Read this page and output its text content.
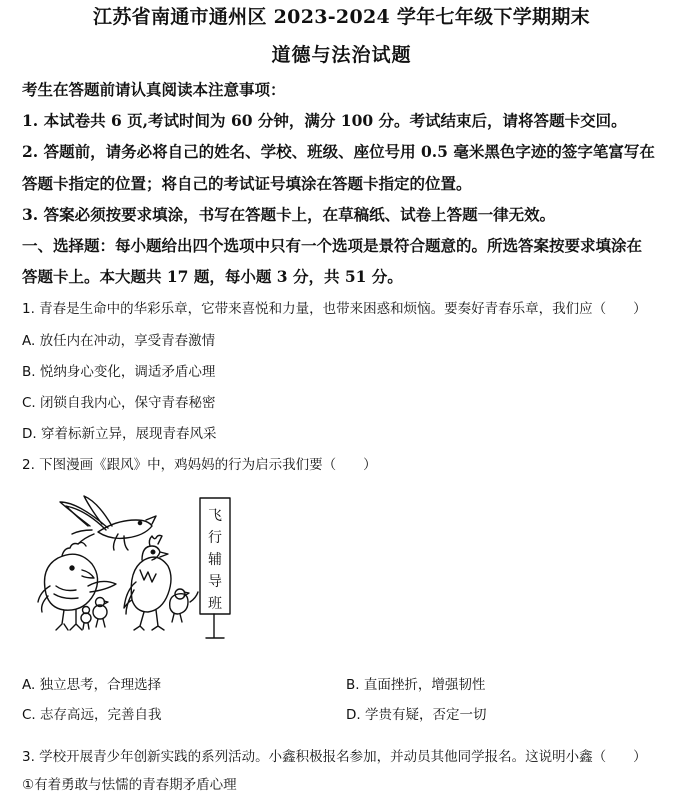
江苏省南通市通州区 2023-2024 学年七年级下学期期末
道德与法治试题
考生在答题前请认真阅读本注意事项：
1. 本试卷共 6 页,考试时间为 60 分钟，满分 100 分。考试结束后，请将答题卡交回。
2. 答题前，请务必将自己的姓名、学校、班级、座位号用 0.5 毫米黑色字迹的签字笔富写在
答题卡指定的位置；将自己的考试证号填涂在答题卡指定的位置。
3. 答案必须按要求填涂，书写在答题卡上，在草稿纸、试卷上答题一律无效。
一、选择题：每小题给出四个选项中只有一个选项是景符合题意的。所选答案按要求填涂在
答题卡上。本大题共 17 题，每小题 3 分，共 51 分。
1. 青春是生命中的华彩乐章，它带来喜悦和力量，也带来困惑和烦恼。要奏好青春乐章，我们应（　　）
A. 放任内在冲动，享受青春激情
B. 悦纳身心变化，调适矛盾心理
C. 闭锁自我内心，保守青春秘密
D. 穿着标新立异，展现青春风采
2. 下图漫画《跟风》中，鸡妈妈的行为启示我们要（　　）
飞
行
辅
导
班
A. 独立思考，合理选择	B. 直面挫折，增强韧性
C. 志存高远，完善自我	D. 学贵有疑，否定一切
3. 学校开展青少年创新实践的系列活动。小鑫积极报名参加，并动员其他同学报名。这说明小鑫（　　）
①有着勇敢与怯懦的青春期矛盾心理
